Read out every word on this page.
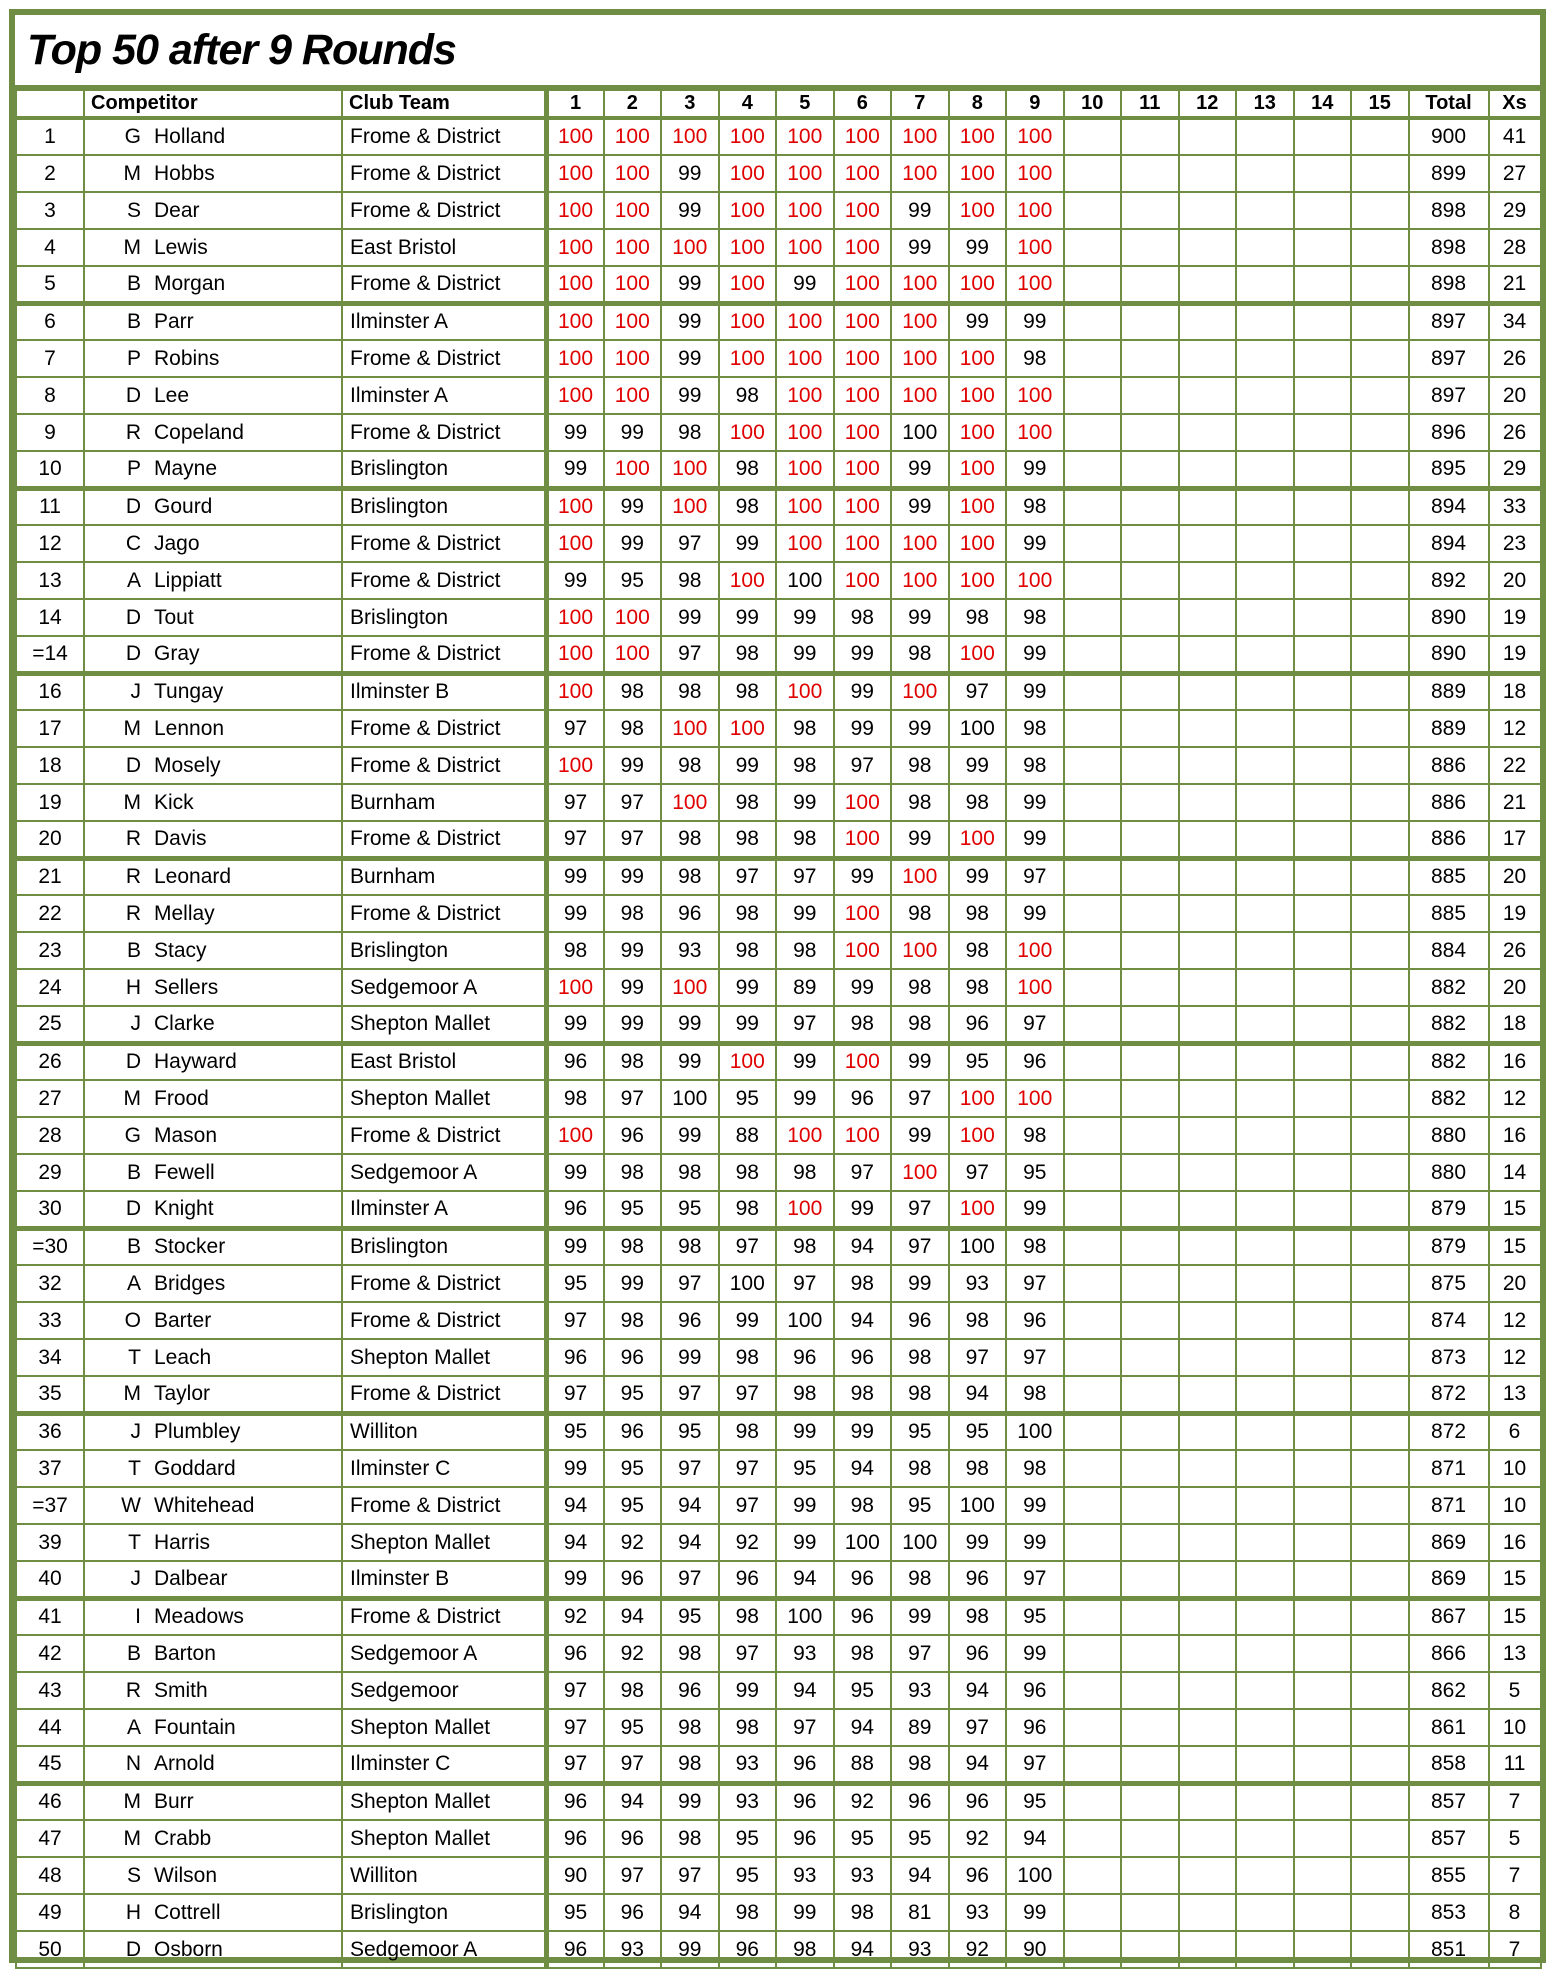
Top 50 after 9 Rounds
	Competitor	Club Team	1	2	3	4	5	6	7	8	9	10	11	12	13	14	15	Total	Xs
1	G Holland	Frome & District	100	100	100	100	100	100	100	100	100							900	41
2	M Hobbs	Frome & District	100	100	99	100	100	100	100	100	100							899	27
3	S Dear	Frome & District	100	100	99	100	100	100	99	100	100							898	29
4	M Lewis	East Bristol	100	100	100	100	100	100	99	99	100							898	28
5	B Morgan	Frome & District	100	100	99	100	99	100	100	100	100							898	21
6	B Parr	Ilminster A	100	100	99	100	100	100	100	99	99							897	34
7	P Robins	Frome & District	100	100	99	100	100	100	100	100	98							897	26
8	D Lee	Ilminster A	100	100	99	98	100	100	100	100	100							897	20
9	R Copeland	Frome & District	99	99	98	100	100	100	100	100	100							896	26
10	P Mayne	Brislington	99	100	100	98	100	100	99	100	99							895	29
11	D Gourd	Brislington	100	99	100	98	100	100	99	100	98							894	33
12	C Jago	Frome & District	100	99	97	99	100	100	100	100	99							894	23
13	A Lippiatt	Frome & District	99	95	98	100	100	100	100	100	100							892	20
14	D Tout	Brislington	100	100	99	99	99	98	99	98	98							890	19
=14	D Gray	Frome & District	100	100	97	98	99	99	98	100	99							890	19
16	J Tungay	Ilminster B	100	98	98	98	100	99	100	97	99							889	18
17	M Lennon	Frome & District	97	98	100	100	98	99	99	100	98							889	12
18	D Mosely	Frome & District	100	99	98	99	98	97	98	99	98							886	22
19	M Kick	Burnham	97	97	100	98	99	100	98	98	99							886	21
20	R Davis	Frome & District	97	97	98	98	98	100	99	100	99							886	17
21	R Leonard	Burnham	99	99	98	97	97	99	100	99	97							885	20
22	R Mellay	Frome & District	99	98	96	98	99	100	98	98	99							885	19
23	B Stacy	Brislington	98	99	93	98	98	100	100	98	100							884	26
24	H Sellers	Sedgemoor A	100	99	100	99	89	99	98	98	100							882	20
25	J Clarke	Shepton Mallet	99	99	99	99	97	98	98	96	97							882	18
26	D Hayward	East Bristol	96	98	99	100	99	100	99	95	96							882	16
27	M Frood	Shepton Mallet	98	97	100	95	99	96	97	100	100							882	12
28	G Mason	Frome & District	100	96	99	88	100	100	99	100	98							880	16
29	B Fewell	Sedgemoor A	99	98	98	98	98	97	100	97	95							880	14
30	D Knight	Ilminster A	96	95	95	98	100	99	97	100	99							879	15
=30	B Stocker	Brislington	99	98	98	97	98	94	97	100	98							879	15
32	A Bridges	Frome & District	95	99	97	100	97	98	99	93	97							875	20
33	O Barter	Frome & District	97	98	96	99	100	94	96	98	96							874	12
34	T Leach	Shepton Mallet	96	96	99	98	96	96	98	97	97							873	12
35	M Taylor	Frome & District	97	95	97	97	98	98	98	94	98							872	13
36	J Plumbley	Williton	95	96	95	98	99	99	95	95	100							872	6
37	T Goddard	Ilminster C	99	95	97	97	95	94	98	98	98							871	10
=37	W Whitehead	Frome & District	94	95	94	97	99	98	95	100	99							871	10
39	T Harris	Shepton Mallet	94	92	94	92	99	100	100	99	99							869	16
40	J Dalbear	Ilminster B	99	96	97	96	94	96	98	96	97							869	15
41	I Meadows	Frome & District	92	94	95	98	100	96	99	98	95							867	15
42	B Barton	Sedgemoor A	96	92	98	97	93	98	97	96	99							866	13
43	R Smith	Sedgemoor	97	98	96	99	94	95	93	94	96							862	5
44	A Fountain	Shepton Mallet	97	95	98	98	97	94	89	97	96							861	10
45	N Arnold	Ilminster C	97	97	98	93	96	88	98	94	97							858	11
46	M Burr	Shepton Mallet	96	94	99	93	96	92	96	96	95							857	7
47	M Crabb	Shepton Mallet	96	96	98	95	96	95	95	92	94							857	5
48	S Wilson	Williton	90	97	97	95	93	93	94	96	100							855	7
49	H Cottrell	Brislington	95	96	94	98	99	98	81	93	99							853	8
50	D Osborn	Sedgemoor A	96	93	99	96	98	94	93	92	90							851	7
